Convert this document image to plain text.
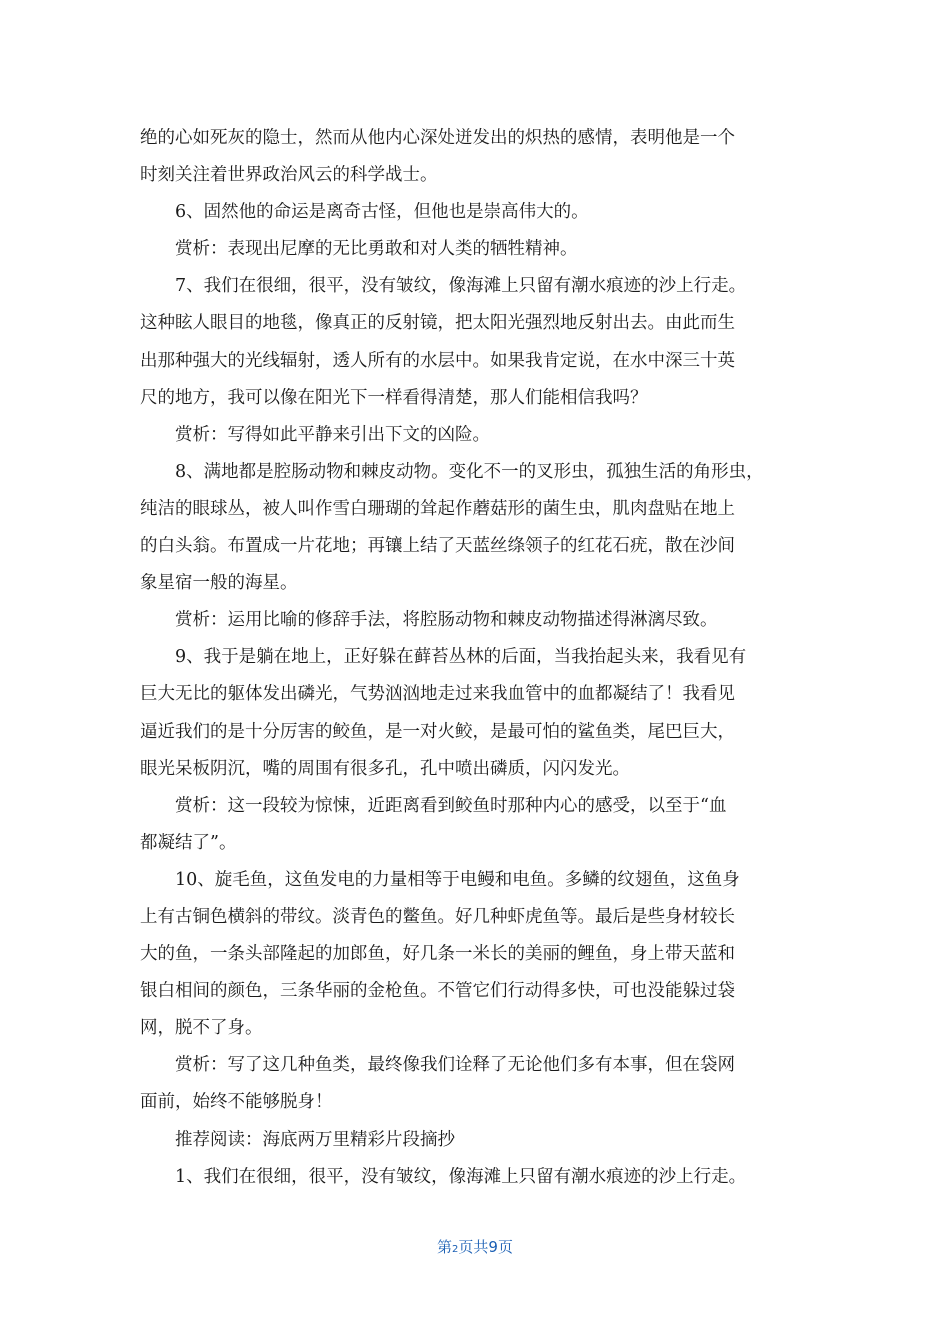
绝的心如死灰的隐士，然而从他内心深处迸发出的炽热的感情，表明他是一个
时刻关注着世界政治风云的科学战士。
6、固然他的命运是离奇古怪，但他也是崇高伟大的。
赏析：表现出尼摩的无比勇敢和对人类的牺牲精神。
7、我们在很细，很平，没有皱纹，像海滩上只留有潮水痕迹的沙上行走。
这种眩人眼目的地毯，像真正的反射镜，把太阳光强烈地反射出去。由此而生
出那种强大的光线辐射，透人所有的水层中。如果我肯定说，在水中深三十英
尺的地方，我可以像在阳光下一样看得清楚，那人们能相信我吗？
赏析：写得如此平静来引出下文的凶险。
8、满地都是腔肠动物和棘皮动物。变化不一的叉形虫，孤独生活的角形虫，
纯洁的眼球丛，被人叫作雪白珊瑚的耸起作蘑菇形的菌生虫，肌肉盘贴在地上
的白头翁。布置成一片花地；再镶上结了天蓝丝绦领子的红花石疣，散在沙间
象星宿一般的海星。
赏析：运用比喻的修辞手法，将腔肠动物和棘皮动物描述得淋漓尽致。
9、我于是躺在地上，正好躲在藓苔丛林的后面，当我抬起头来，我看见有
巨大无比的躯体发出磷光，气势汹汹地走过来我血管中的血都凝结了！我看见
逼近我们的是十分厉害的鲛鱼，是一对火鲛，是最可怕的鲨鱼类，尾巴巨大，
眼光呆板阴沉，嘴的周围有很多孔，孔中喷出磷质，闪闪发光。
赏析：这一段较为惊悚，近距离看到鲛鱼时那种内心的感受，以至于“血
都凝结了”。
10、旋毛鱼，这鱼发电的力量相等于电鳗和电鱼。多鳞的纹翅鱼，这鱼身
上有古铜色横斜的带纹。淡青色的鳖鱼。好几种虾虎鱼等。最后是些身材较长
大的鱼，一条头部隆起的加郎鱼，好几条一米长的美丽的鲤鱼，身上带天蓝和
银白相间的颜色，三条华丽的金枪鱼。不管它们行动得多快，可也没能躲过袋
网，脱不了身。
赏析：写了这几种鱼类，最终像我们诠释了无论他们多有本事，但在袋网
面前，始终不能够脱身！
推荐阅读：海底两万里精彩片段摘抄
1、我们在很细，很平，没有皱纹，像海滩上只留有潮水痕迹的沙上行走。
第2页共9页
